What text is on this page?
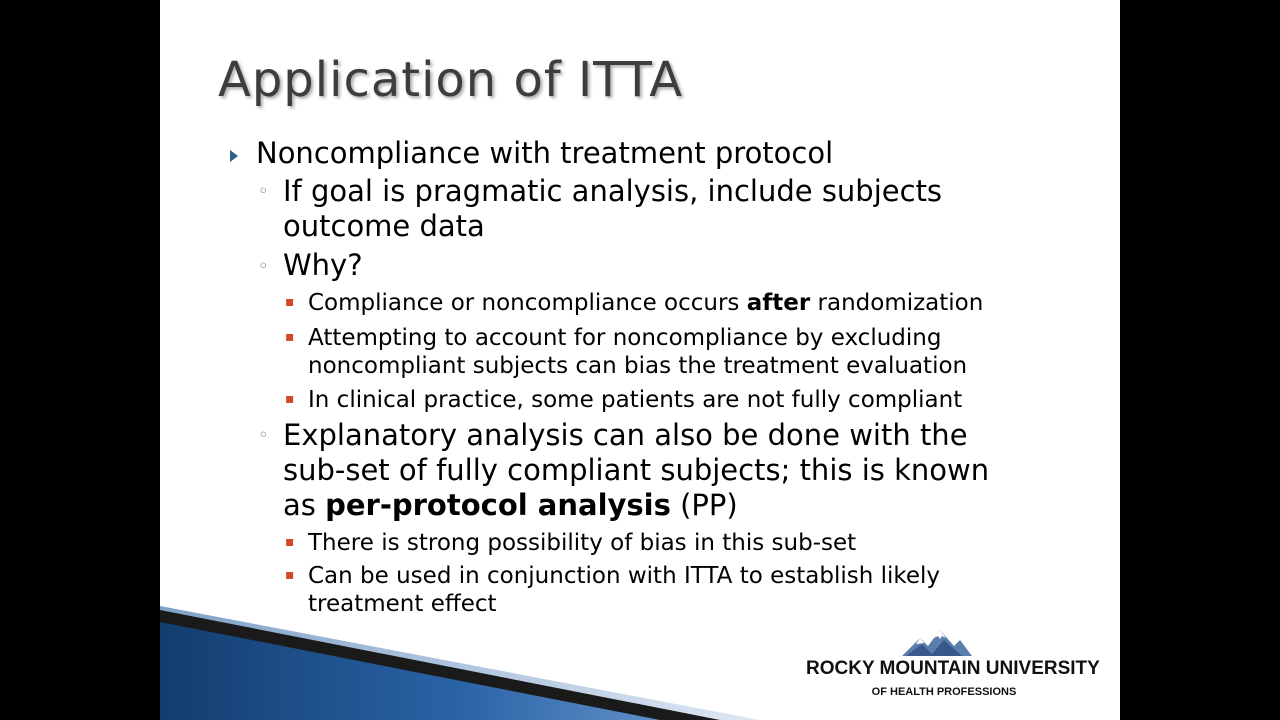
Application of ITTA
Noncompliance with treatment protocol
◦ If goal is pragmatic analysis, include subjects
outcome data
◦ Why?
▪ Compliance or noncompliance occurs after randomization
▪ Attempting to account for noncompliance by excluding
noncompliant subjects can bias the treatment evaluation
▪ In clinical practice, some patients are not fully compliant
◦ Explanatory analysis can also be done with the
sub-set of fully compliant subjects; this is known
as per-protocol analysis (PP)
▪ There is strong possibility of bias in this sub-set
▪ Can be used in conjunction with ITTA to establish likely
treatment effect
ROCKY MOUNTAIN UNIVERSITY
OF HEALTH PROFESSIONS
